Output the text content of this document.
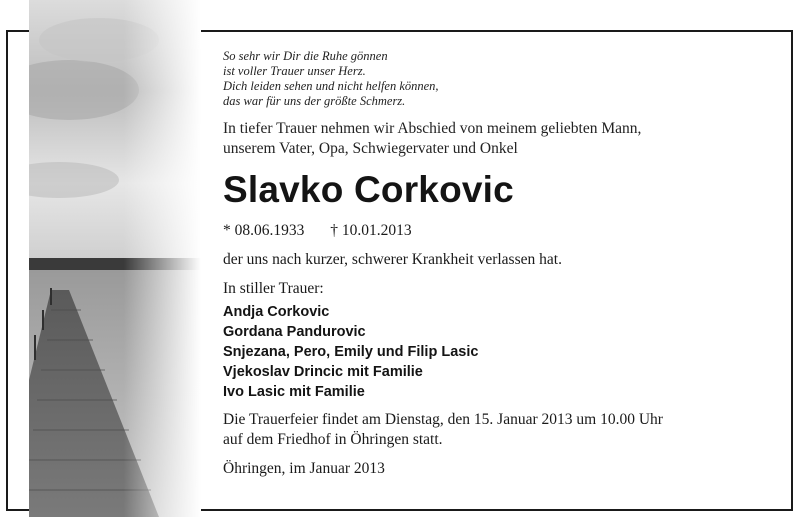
So sehr wir Dir die Ruhe gönnen
ist voller Trauer unser Herz.
Dich leiden sehen und nicht helfen können,
das war für uns der größte Schmerz.
In tiefer Trauer nehmen wir Abschied von meinem geliebten Mann,
unserem Vater, Opa, Schwiegervater und Onkel
Slavko Corkovic
* 08.06.1933 † 10.01.2013
der uns nach kurzer, schwerer Krankheit verlassen hat.
In stiller Trauer:
Andja Corkovic
Gordana Pandurovic
Snjezana, Pero, Emily und Filip Lasic
Vjekoslav Drincic mit Familie
Ivo Lasic mit Familie
Die Trauerfeier findet am Dienstag, den 15. Januar 2013 um 10.00 Uhr
auf dem Friedhof in Öhringen statt.
Öhringen, im Januar 2013
